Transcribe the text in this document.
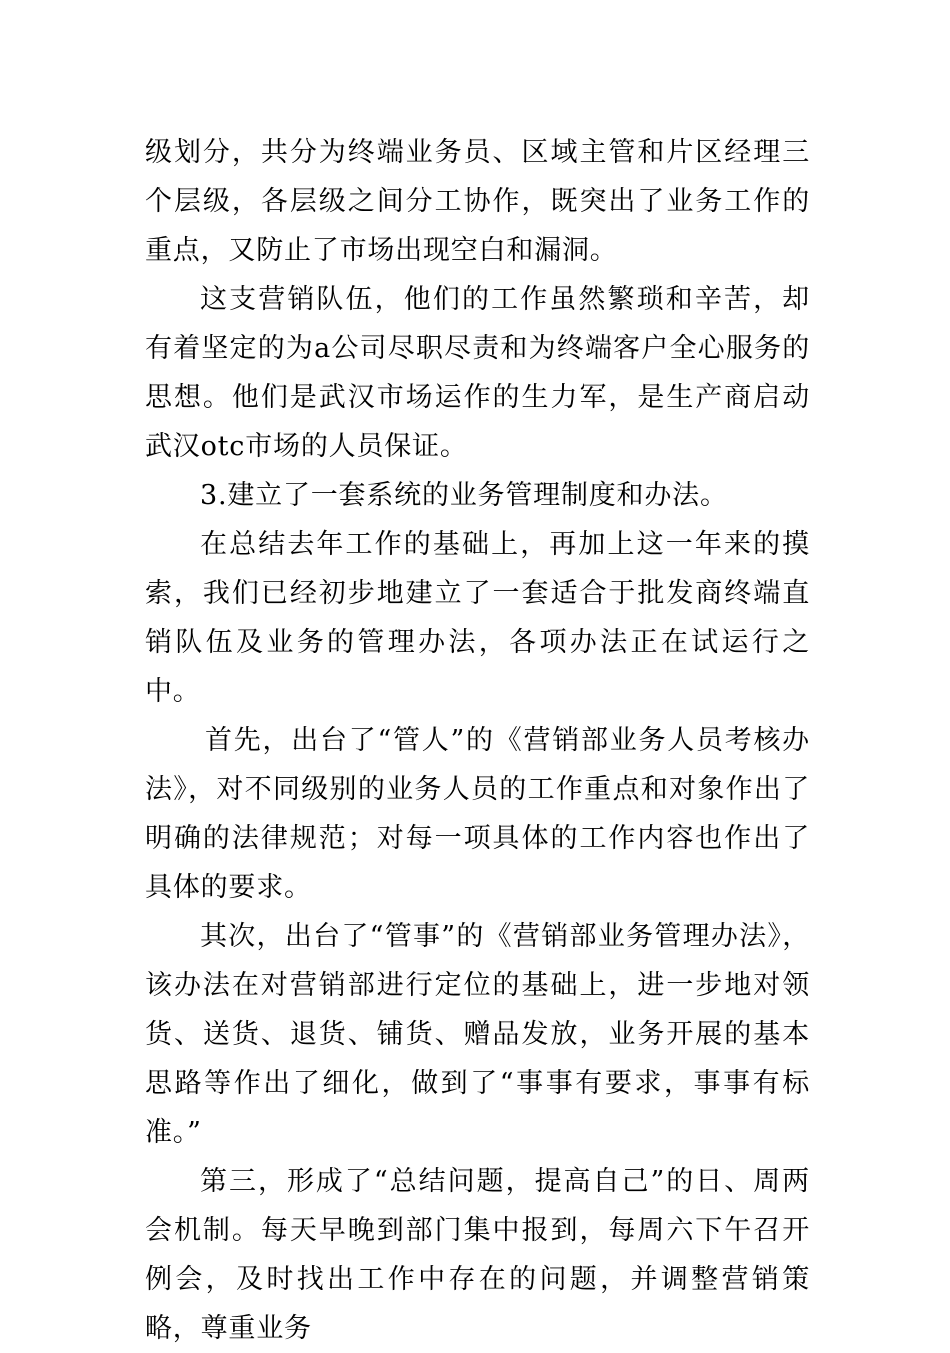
级划分，共分为终端业务员、区域主管和片区经理三个层级，各层级之间分工协作，既突出了业务工作的重点，又防止了市场出现空白和漏洞。

这支营销队伍，他们的工作虽然繁琐和辛苦，却有着坚定的为a公司尽职尽责和为终端客户全心服务的思想。他们是武汉市场运作的生力军，是生产商启动武汉otc市场的人员保证。

3.建立了一套系统的业务管理制度和办法。

在总结去年工作的基础上，再加上这一年来的摸索，我们已经初步地建立了一套适合于批发商终端直销队伍及业务的管理办法，各项办法正在试运行之中。

首先，出台了“管人”的《营销部业务人员考核办法》，对不同级别的业务人员的工作重点和对象作出了明确的法律规范；对每一项具体的工作内容也作出了具体的要求。

其次，出台了“管事”的《营销部业务管理办法》，该办法在对营销部进行定位的基础上，进一步地对领货、送货、退货、铺货、赠品发放，业务开展的基本思路等作出了细化，做到了“事事有要求，事事有标准。”

第三，形成了“总结问题，提高自己”的日、周两会机制。每天早晚到部门集中报到，每周六下午召开例会，及时找出工作中存在的问题，并调整营销策略，尊重业务
